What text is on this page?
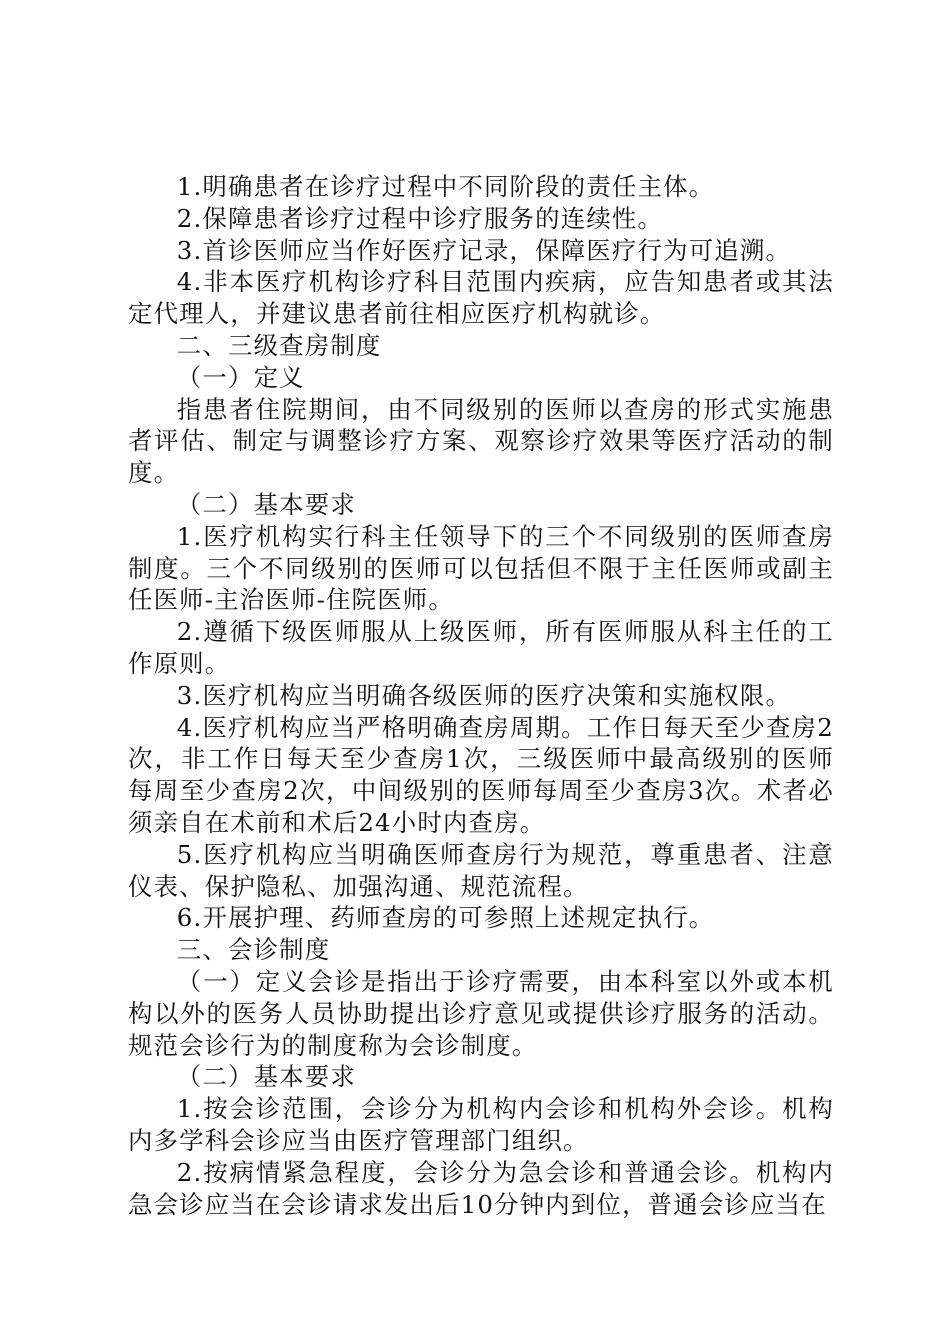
1.明确患者在诊疗过程中不同阶段的责任主体。

2.保障患者诊疗过程中诊疗服务的连续性。

3.首诊医师应当作好医疗记录，保障医疗行为可追溯。

4.非本医疗机构诊疗科目范围内疾病，应告知患者或其法定代理人，并建议患者前往相应医疗机构就诊。

二、三级查房制度

（一）定义

指患者住院期间，由不同级别的医师以查房的形式实施患者评估、制定与调整诊疗方案、观察诊疗效果等医疗活动的制度。

（二）基本要求

1.医疗机构实行科主任领导下的三个不同级别的医师查房制度。三个不同级别的医师可以包括但不限于主任医师或副主任医师-主治医师-住院医师。

2.遵循下级医师服从上级医师，所有医师服从科主任的工作原则。

3.医疗机构应当明确各级医师的医疗决策和实施权限。

4.医疗机构应当严格明确查房周期。工作日每天至少查房2次，非工作日每天至少查房1次，三级医师中最高级别的医师每周至少查房2次，中间级别的医师每周至少查房3次。术者必须亲自在术前和术后24小时内查房。

5.医疗机构应当明确医师查房行为规范，尊重患者、注意仪表、保护隐私、加强沟通、规范流程。

6.开展护理、药师查房的可参照上述规定执行。

三、会诊制度

（一）定义会诊是指出于诊疗需要，由本科室以外或本机构以外的医务人员协助提出诊疗意见或提供诊疗服务的活动。规范会诊行为的制度称为会诊制度。

（二）基本要求

1.按会诊范围，会诊分为机构内会诊和机构外会诊。机构内多学科会诊应当由医疗管理部门组织。

2.按病情紧急程度，会诊分为急会诊和普通会诊。机构内急会诊应当在会诊请求发出后10分钟内到位，普通会诊应当在
